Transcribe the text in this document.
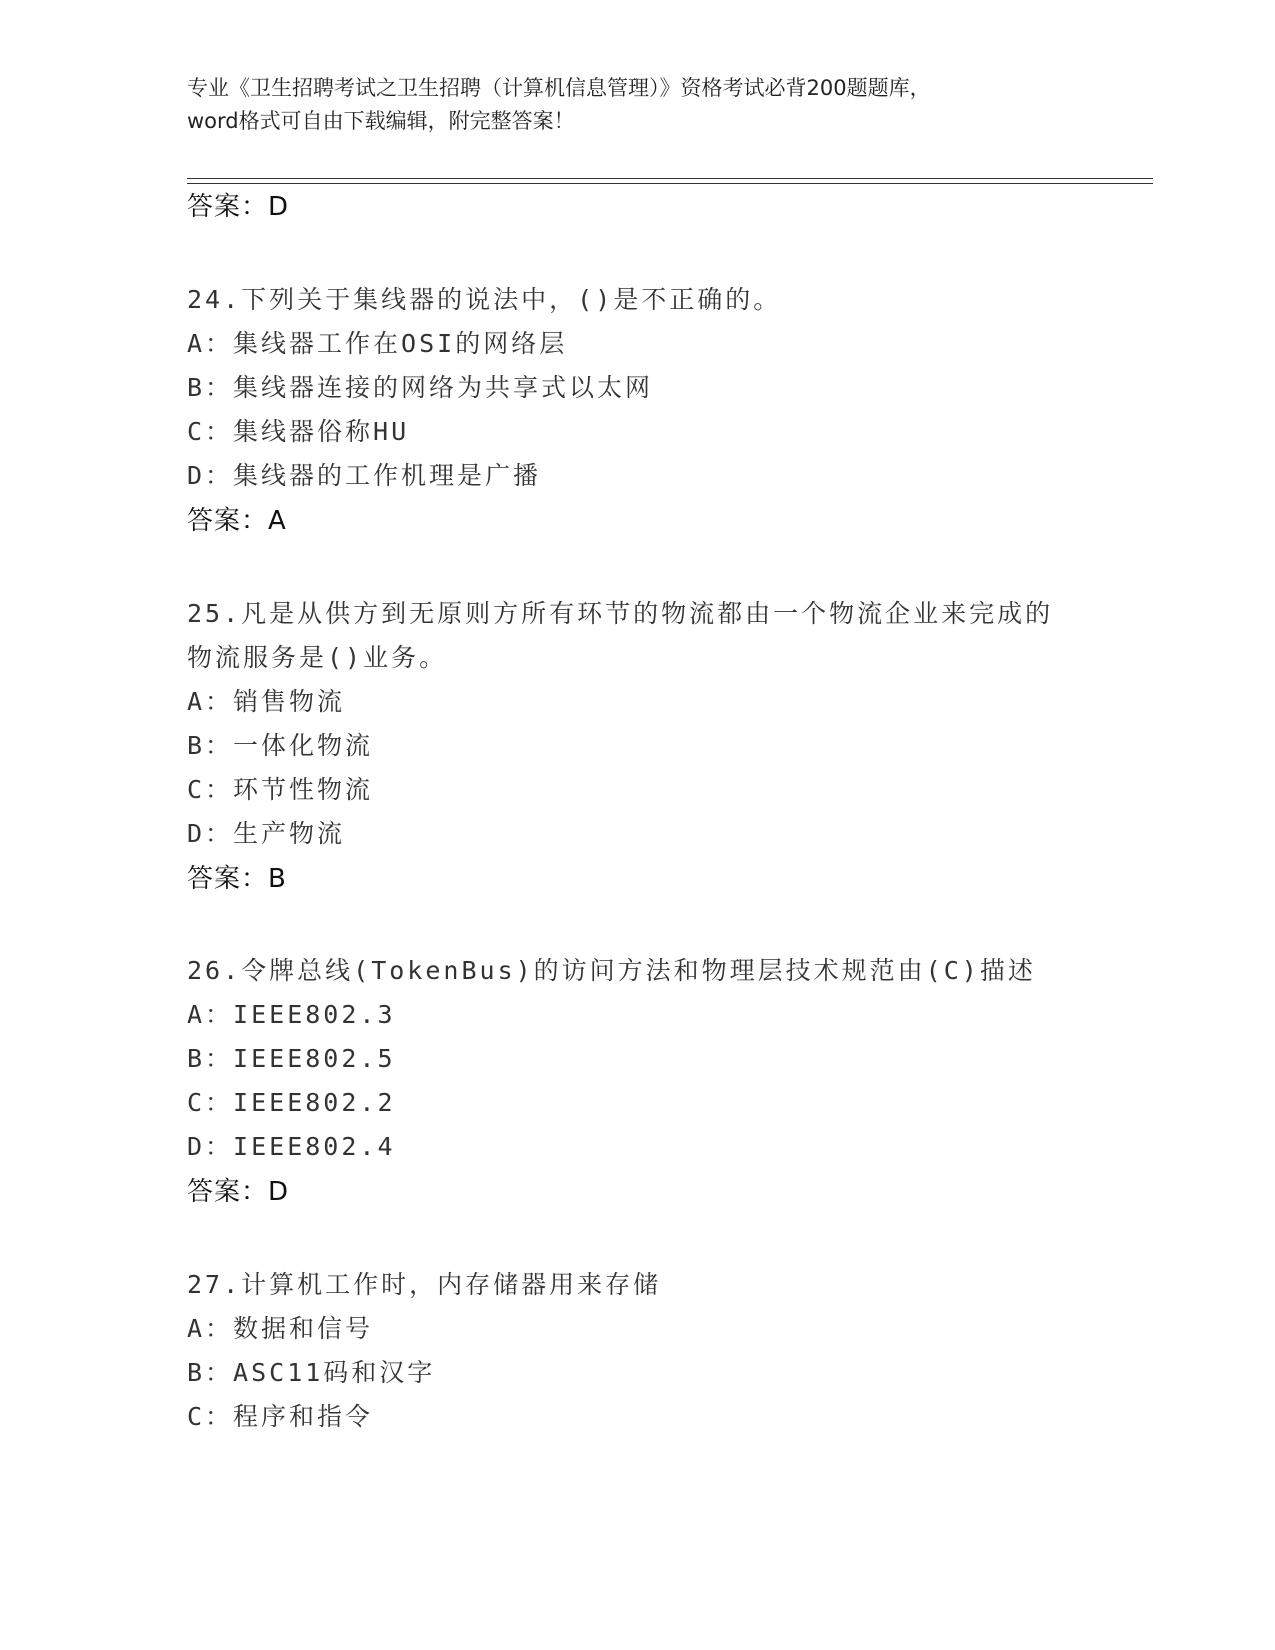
专业《卫生招聘考试之卫生招聘（计算机信息管理）》资格考试必背200题题库，
word格式可自由下载编辑，附完整答案！
答案：D
24.下列关于集线器的说法中，()是不正确的。
A：集线器工作在OSI的网络层
B：集线器连接的网络为共享式以太网
C：集线器俗称HU
D：集线器的工作机理是广播
答案：A
25.凡是从供方到无原则方所有环节的物流都由一个物流企业来完成的
物流服务是()业务。
A：销售物流
B：一体化物流
C：环节性物流
D：生产物流
答案：B
26.令牌总线(TokenBus)的访问方法和物理层技术规范由(C)描述
A：IEEE802.3
B：IEEE802.5
C：IEEE802.2
D：IEEE802.4
答案：D
27.计算机工作时，内存储器用来存储
A：数据和信号
B：ASC11码和汉字
C：程序和指令
